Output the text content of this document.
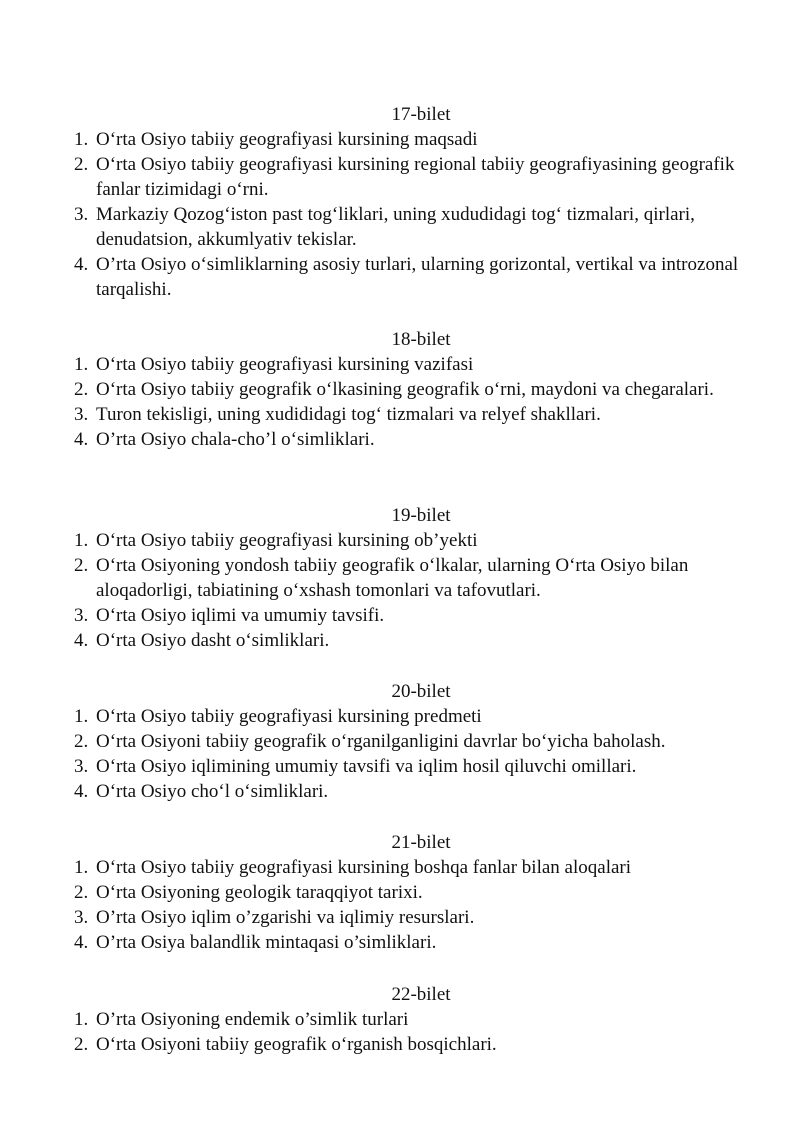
17-bilet
1. O‘rta Osiyo tabiiy geografiyasi kursining maqsadi
2. O‘rta Osiyo tabiiy geografiyasi kursining regional tabiiy geografiyasining geografik fanlar tizimidagi o‘rni.
3. Markaziy Qozog‘iston past tog‘liklari, uning xududidagi tog‘ tizmalari, qirlari, denudatsion, akkumlyativ tekislar.
4. O’rta Osiyo o‘simliklarning asosiy turlari, ularning gorizontal, vertikal va introzonal tarqalishi.
18-bilet
1. O‘rta Osiyo tabiiy geografiyasi kursining vazifasi
2. O‘rta Osiyo tabiiy geografik o‘lkasining geografik o‘rni, maydoni va chegaralari.
3. Turon tekisligi, uning xudididagi tog‘ tizmalari va relyef shakllari.
4. O’rta Osiyo chala-cho’l o‘simliklari.
19-bilet
1. O‘rta Osiyo tabiiy geografiyasi kursining ob’yekti
2. O‘rta Osiyoning yondosh tabiiy geografik o‘lkalar, ularning O‘rta Osiyo bilan aloqadorligi, tabiatining o‘xshash tomonlari va tafovutlari.
3. O‘rta Osiyo iqlimi va umumiy tavsifi.
4. O‘rta Osiyo dasht o‘simliklari.
20-bilet
1. O‘rta Osiyo tabiiy geografiyasi kursining predmeti
2. O‘rta Osiyoni tabiiy geografik o‘rganilganligini davrlar bo‘yicha baholash.
3. O‘rta Osiyo iqlimining umumiy tavsifi va iqlim hosil qiluvchi omillari.
4. O‘rta Osiyo cho‘l o‘simliklari.
21-bilet
1. O‘rta Osiyo tabiiy geografiyasi kursining boshqa fanlar bilan aloqalari
2. O‘rta Osiyoning geologik taraqqiyot tarixi.
3. O’rta Osiyo iqlim o’zgarishi va iqlimiy resurslari.
4. O’rta Osiya balandlik mintaqasi o’simliklari.
22-bilet
1. O’rta Osiyoning endemik o’simlik turlari
2. O‘rta Osiyoni tabiiy geografik o‘rganish bosqichlari.
